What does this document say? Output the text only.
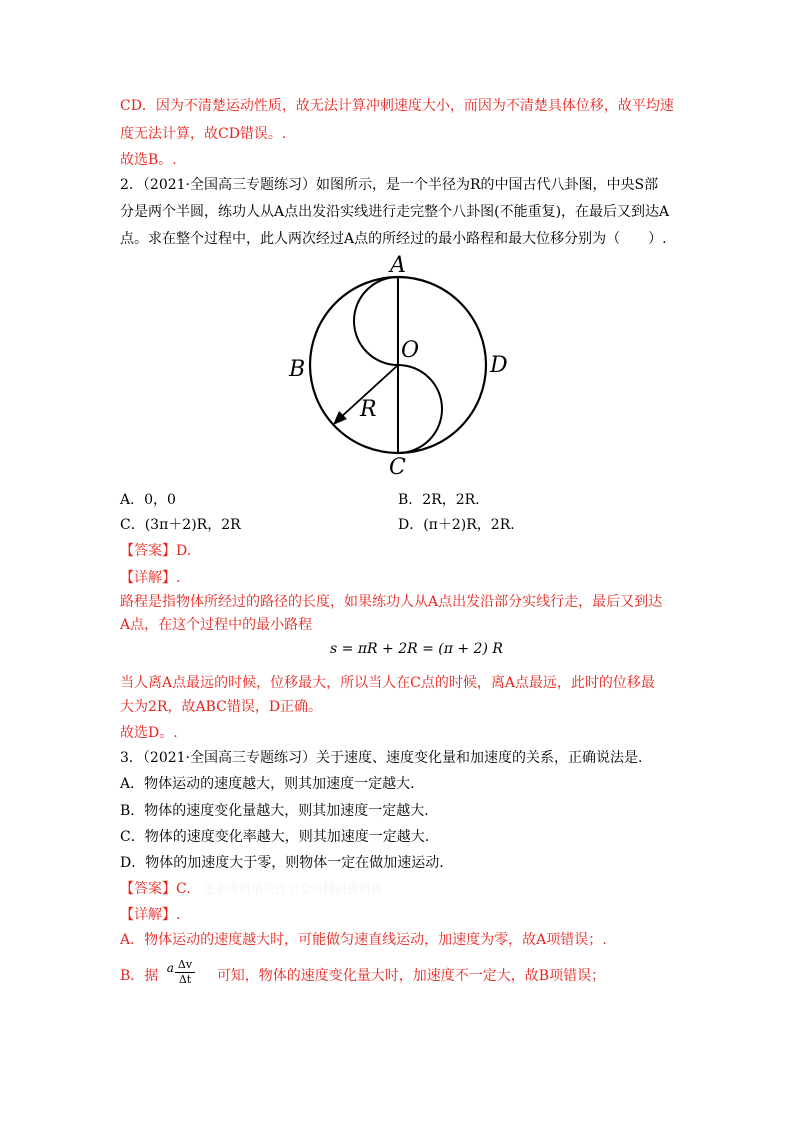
CD．因为不清楚运动性质，故无法计算冲刺速度大小，而因为不清楚具体位移，故平均速
度无法计算，故CD错误。.
故选B。.
2．（2021·全国高三专题练习）如图所示，是一个半径为R的中国古代八卦图，中央S部
分是两个半圆，练功人从A点出发沿实线进行走完整个八卦图(不能重复)，在最后又到达A
点。求在整个过程中，此人两次经过A点的所经过的最小路程和最大位移分别为（　　）.
A
B
C
D
O
R
A．0，0	B．2R，2R.
C．(3π＋2)R，2R	D．(π＋2)R，2R.
【答案】D.
【详解】.
路程是指物体所经过的路径的长度，如果练功人从A点出发沿部分实线行走，最后又到达
A点，在这个过程中的最小路程
s = πR + 2R = (π + 2) R
当人离A点最远的时候，位移最大，所以当人在C点的时候，离A点最远，此时的位移最
大为2R，故ABC错误，D正确。
故选D。.
3．（2021·全国高三专题练习）关于速度、速度变化量和加速度的关系，正确说法是.
A．物体运动的速度越大，则其加速度一定越大.
B．物体的速度变化量越大，则其加速度一定越大.
C．物体的速度变化率越大，则其加速度一定越大.
D．物体的加速度大于零，则物体一定在做加速运动.
【答案】C. 更多资料请关注公众号精研资料库
【详解】.
A．物体运动的速度越大时，可能做匀速直线运动，加速度为零，故A项错误；.
B．据 a	可知，物体的速度变化量大时，加速度不一定大，故B项错误；
$\frac{\Delta v}{\Delta t}$
